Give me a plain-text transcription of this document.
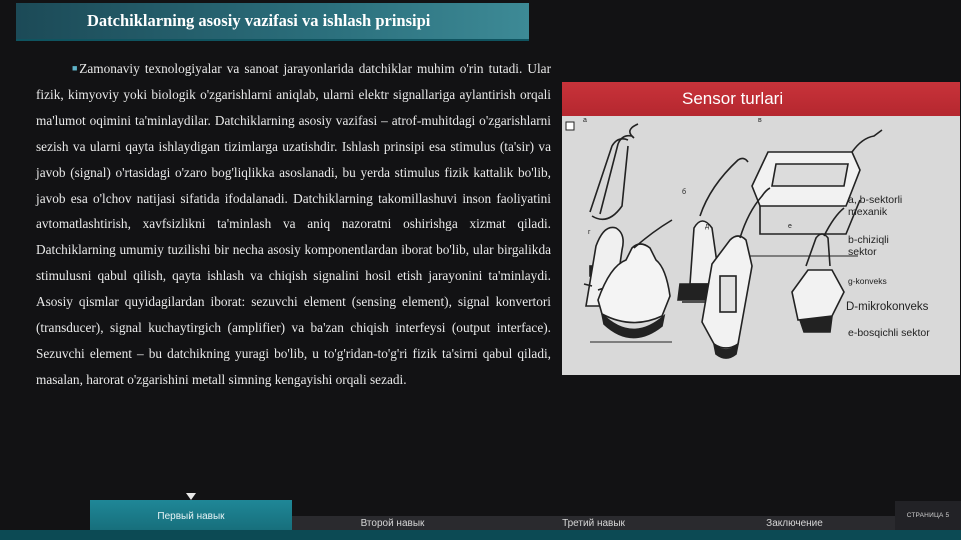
Datchiklarning asosiy vazifasi va ishlash prinsipi

■Zamonaviy texnologiyalar va sanoat jarayonlarida datchiklar muhim o'rin tutadi. Ular fizik, kimyoviy yoki biologik o'zgarishlarni aniqlab, ularni elektr signallariga aylantirish orqali ma'lumot oqimini ta'minlaydilar. Datchiklarning asosiy vazifasi – atrof-muhitdagi o'zgarishlarni sezish va ularni qayta ishlaydigan tizimlarga uzatishdir. Ishlash prinsipi esa stimulus (ta'sir) va javob (signal) o'rtasidagi o'zaro bog'liqlikka asoslanadi, bu yerda stimulus fizik kattalik bo'lib, javob esa o'lchov natijasi sifatida ifodalanadi. Datchiklarning takomillashuvi inson faoliyatini avtomatlashtirish, xavfsizlikni ta'minlash va aniq nazoratni oshirishga xizmat qiladi. Datchiklarning umumiy tuzilishi bir necha asosiy komponentlardan iborat bo'lib, ular birgalikda stimulusni qabul qilish, qayta ishlash va chiqish signalini hosil etish jarayonini ta'minlaydi. Asosiy qismlar quyidagilardan iborat: sezuvchi element (sensing element), signal konvertori (transducer), signal kuchaytirgich (amplifier) va ba'zan chiqish interfeysi (output interface). Sezuvchi element – bu datchikning yuragi bo'lib, u to'g'ridan-to'g'ri fizik ta'sirni qabul qiladi, masalan, harorat o'zgarishini metall simning kengayishi orqali sezadi.

Sensor turlari
a	в
г
д	е
б
a, b-sektorli
mexanik
b-chiziqli
sektor
g-konveks
D-mikrokonveks
e-bosqichli sektor
Первый навык
Второй навык	Третий навык	Заключение
СТРАНИЦА 5
